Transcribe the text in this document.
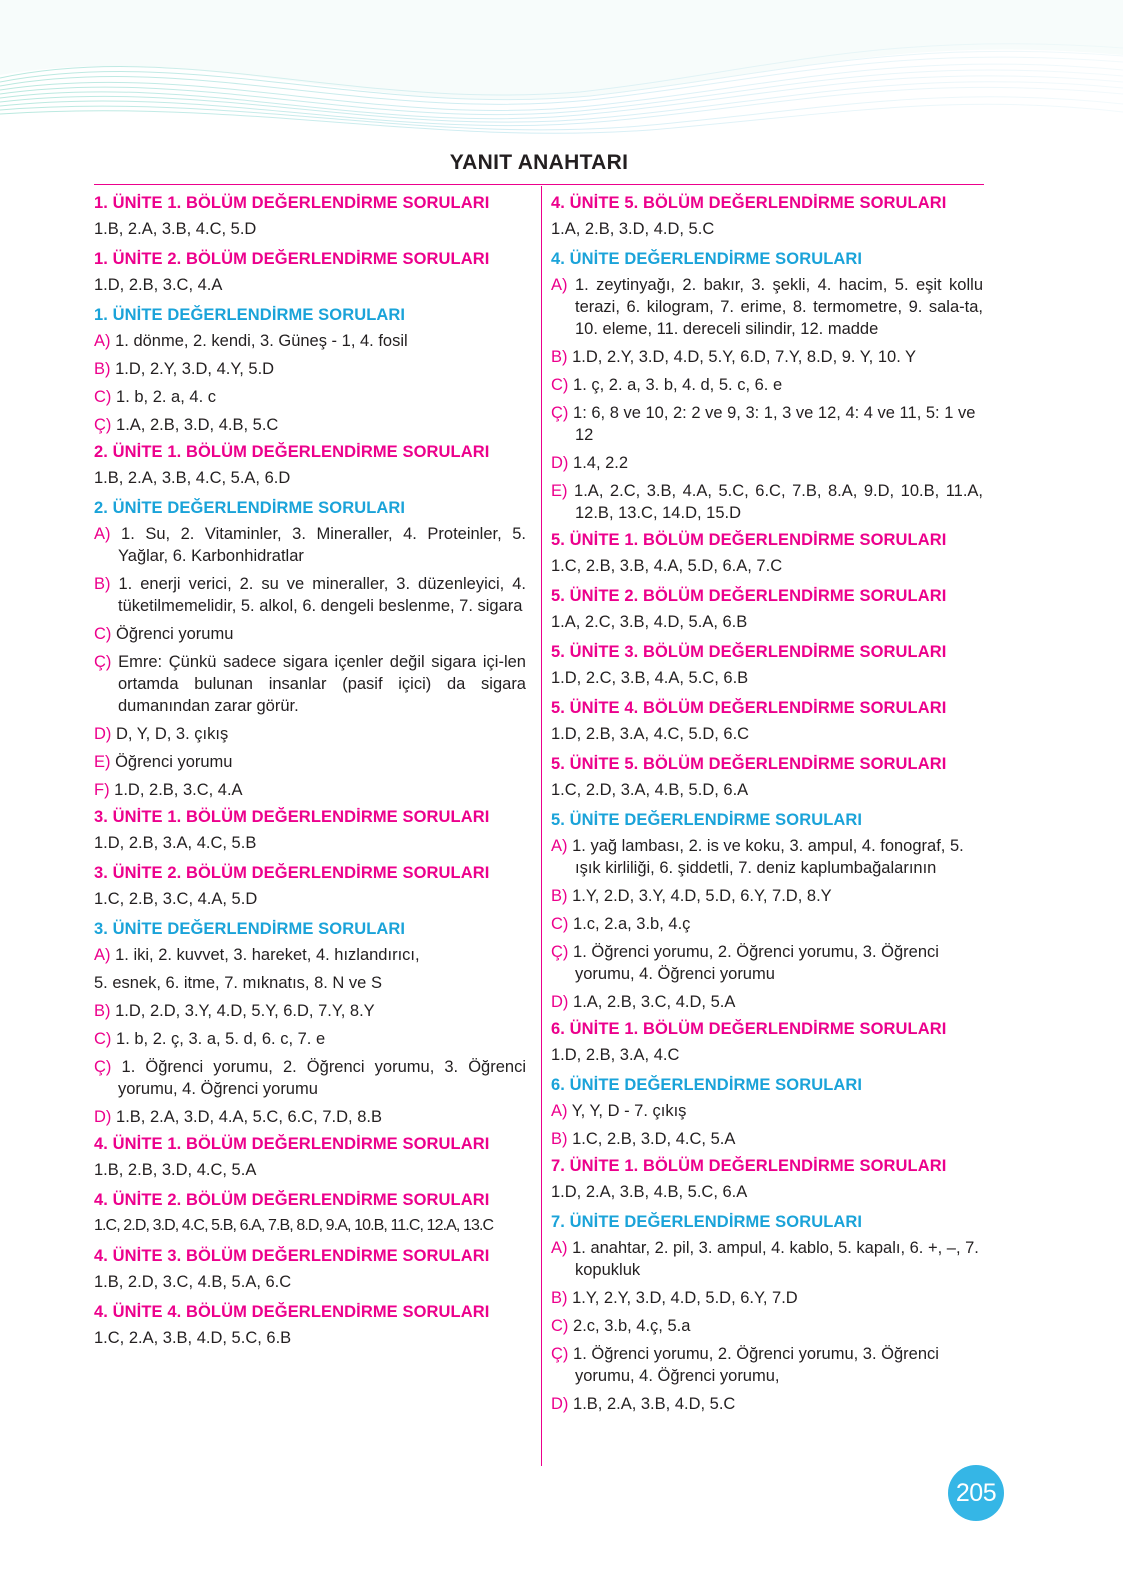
YANIT ANAHTARI
1. ÜNİTE 1. BÖLÜM DEĞERLENDİRME SORULARI
1.B, 2.A, 3.B, 4.C, 5.D
1. ÜNİTE 2. BÖLÜM DEĞERLENDİRME SORULARI
1.D, 2.B, 3.C, 4.A
1. ÜNİTE DEĞERLENDİRME SORULARI
A) 1. dönme, 2. kendi, 3. Güneş - 1, 4. fosil
B) 1.D, 2.Y, 3.D, 4.Y, 5.D
C) 1. b, 2. a, 4. c
Ç) 1.A, 2.B, 3.D, 4.B, 5.C
2. ÜNİTE 1. BÖLÜM DEĞERLENDİRME SORULARI
1.B, 2.A, 3.B, 4.C, 5.A, 6.D
2. ÜNİTE DEĞERLENDİRME SORULARI
A) 1. Su, 2. Vitaminler, 3. Mineraller, 4. Proteinler, 5. Yağlar, 6. Karbonhidratlar
B) 1. enerji verici, 2. su ve mineraller, 3. düzenleyici, 4. tüketilmemelidir, 5. alkol, 6. dengeli beslenme, 7. sigara
C) Öğrenci yorumu
Ç) Emre: Çünkü sadece sigara içenler değil sigara içi-len ortamda bulunan insanlar (pasif içici) da sigara dumanından zarar görür.
D) D, Y, D, 3. çıkış
E) Öğrenci yorumu
F) 1.D, 2.B, 3.C, 4.A
3. ÜNİTE 1. BÖLÜM DEĞERLENDİRME SORULARI
1.D, 2.B, 3.A, 4.C, 5.B
3. ÜNİTE 2. BÖLÜM DEĞERLENDİRME SORULARI
1.C, 2.B, 3.C, 4.A, 5.D
3. ÜNİTE DEĞERLENDİRME SORULARI
A) 1. iki, 2. kuvvet, 3. hareket, 4. hızlandırıcı,
5. esnek, 6. itme, 7. mıknatıs, 8. N ve S
B) 1.D, 2.D, 3.Y, 4.D, 5.Y, 6.D, 7.Y, 8.Y
C) 1. b, 2. ç, 3. a, 5. d, 6. c, 7. e
Ç) 1. Öğrenci yorumu, 2. Öğrenci yorumu, 3. Öğrenci yorumu, 4. Öğrenci yorumu
D) 1.B, 2.A, 3.D, 4.A, 5.C, 6.C, 7.D, 8.B
4. ÜNİTE 1. BÖLÜM DEĞERLENDİRME SORULARI
1.B, 2.B, 3.D, 4.C, 5.A
4. ÜNİTE 2. BÖLÜM DEĞERLENDİRME SORULARI
1.C, 2.D, 3.D, 4.C, 5.B, 6.A, 7.B, 8.D, 9.A, 10.B, 11.C, 12.A, 13.C
4. ÜNİTE 3. BÖLÜM DEĞERLENDİRME SORULARI
1.B, 2.D, 3.C, 4.B, 5.A, 6.C
4. ÜNİTE 4. BÖLÜM DEĞERLENDİRME SORULARI
1.C, 2.A, 3.B, 4.D, 5.C, 6.B
4. ÜNİTE 5. BÖLÜM DEĞERLENDİRME SORULARI
1.A, 2.B, 3.D, 4.D, 5.C
4. ÜNİTE DEĞERLENDİRME SORULARI
A) 1. zeytinyağı, 2. bakır, 3. şekli, 4. hacim, 5. eşit kollu terazi, 6. kilogram, 7. erime, 8. termometre, 9. sala-ta, 10. eleme, 11. dereceli silindir, 12. madde
B) 1.D, 2.Y, 3.D, 4.D, 5.Y, 6.D, 7.Y, 8.D, 9. Y, 10. Y
C) 1. ç, 2. a, 3. b, 4. d, 5. c, 6. e
Ç) 1: 6, 8 ve 10, 2: 2 ve 9, 3: 1, 3 ve 12, 4: 4 ve 11, 5: 1 ve 12
D) 1.4, 2.2
E) 1.A, 2.C, 3.B, 4.A, 5.C, 6.C, 7.B, 8.A, 9.D, 10.B, 11.A, 12.B, 13.C, 14.D, 15.D
5. ÜNİTE 1. BÖLÜM DEĞERLENDİRME SORULARI
1.C, 2.B, 3.B, 4.A, 5.D, 6.A, 7.C
5. ÜNİTE 2. BÖLÜM DEĞERLENDİRME SORULARI
1.A, 2.C, 3.B, 4.D, 5.A, 6.B
5. ÜNİTE 3. BÖLÜM DEĞERLENDİRME SORULARI
1.D, 2.C, 3.B, 4.A, 5.C, 6.B
5. ÜNİTE 4. BÖLÜM DEĞERLENDİRME SORULARI
1.D, 2.B, 3.A, 4.C, 5.D, 6.C
5. ÜNİTE 5. BÖLÜM DEĞERLENDİRME SORULARI
1.C, 2.D, 3.A, 4.B, 5.D, 6.A
5. ÜNİTE DEĞERLENDİRME SORULARI
A) 1. yağ lambası, 2. is ve koku, 3. ampul, 4. fonograf, 5. ışık kirliliği, 6. şiddetli, 7. deniz kaplumbağalarının
B) 1.Y, 2.D, 3.Y, 4.D, 5.D, 6.Y, 7.D, 8.Y
C) 1.c, 2.a, 3.b, 4.ç
Ç) 1. Öğrenci yorumu, 2. Öğrenci yorumu, 3. Öğrenci yorumu, 4. Öğrenci yorumu
D) 1.A, 2.B, 3.C, 4.D, 5.A
6. ÜNİTE 1. BÖLÜM DEĞERLENDİRME SORULARI
1.D, 2.B, 3.A, 4.C
6. ÜNİTE DEĞERLENDİRME SORULARI
A) Y, Y, D - 7. çıkış
B) 1.C, 2.B, 3.D, 4.C, 5.A
7. ÜNİTE 1. BÖLÜM DEĞERLENDİRME SORULARI
1.D, 2.A, 3.B, 4.B, 5.C, 6.A
7. ÜNİTE DEĞERLENDİRME SORULARI
A) 1. anahtar, 2. pil, 3. ampul, 4. kablo, 5. kapalı, 6. +, –, 7. kopukluk
B) 1.Y, 2.Y, 3.D, 4.D, 5.D, 6.Y, 7.D
C) 2.c, 3.b, 4.ç, 5.a
Ç) 1. Öğrenci yorumu, 2. Öğrenci yorumu, 3. Öğrenci yorumu, 4. Öğrenci yorumu,
D) 1.B, 2.A, 3.B, 4.D, 5.C
205
